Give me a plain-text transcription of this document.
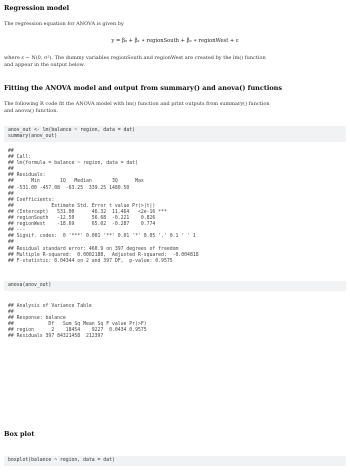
Regression model

The regression equation for ANOVA is given by

y = β₀ + β₁ ∗ regionSouth + β₂ ∗ regionWest + ε

where ε ∼ N(0, σ²). The dummy variables regionSouth and regionWest are created by the lm() function

and appear in the output below.

Fitting the ANOVA model and output from summary() and anova() functions

The following R code fit the ANOVA model with lm() function and print outputs from summary() function

and anova() function.

anov_out <- lm(balance ~ region, data = dat)
summary(anov_out)
##
## Call:
## lm(formula = balance ~ region, data = dat)
##
## Residuals:
##      Min       1Q   Median       3Q      Max
## -531.00 -457.08  -63.25  339.25 1480.50
##
## Coefficients:
##             Estimate Std. Error t value Pr(>|t|)
## (Intercept)   531.00      46.32  11.464   <2e-16 ***
## regionSouth   -12.50      56.68  -0.221    0.826
## regionWest    -18.69      65.02  -0.287    0.774
## ---
## Signif. codes:  0 '***' 0.001 '**' 0.01 '*' 0.05 '.' 0.1 ' ' 1
##
## Residual standard error: 460.9 on 397 degrees of freedom
## Multiple R-squared:  0.0002188,  Adjusted R-squared:  -0.004818
## F-statistic: 0.04344 on 2 and 397 DF,  p-value: 0.9575
anova(anov_out)
## Analysis of Variance Table
##
## Response: balance
##            Df   Sum Sq Mean Sq F value Pr(>F)
## region      2    18454    9227  0.0434 0.9575
## Residuals 397 84321458  212397
Box plot
boxplot(balance ~ region, data = dat)
